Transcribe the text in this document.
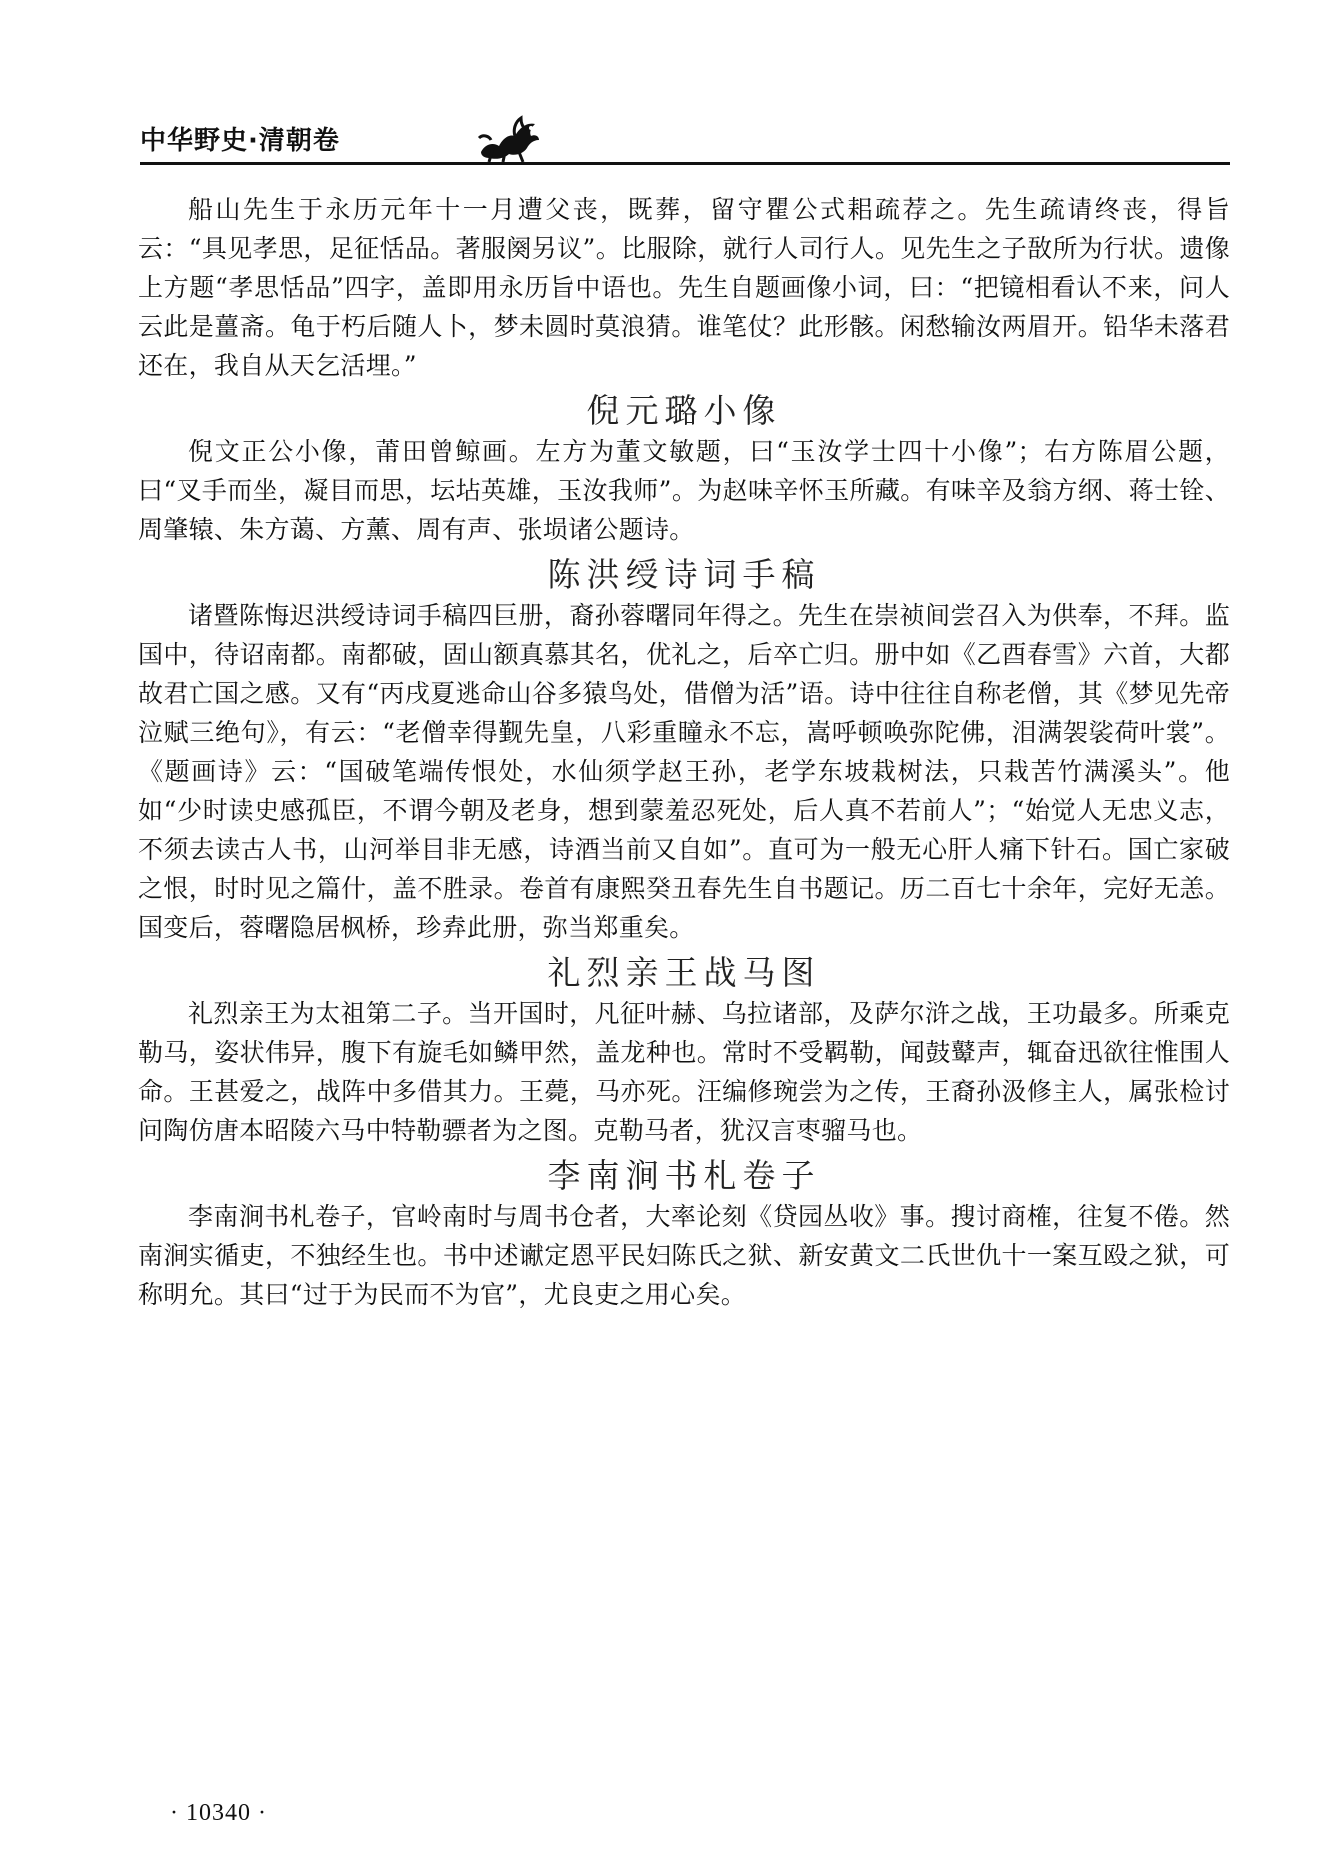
中华野史·清朝卷

船山先生于永历元年十一月遭父丧，既葬，留守瞿公式耜疏荐之。先生疏请终丧，得旨云：“具见孝思，足征恬品。著服阕另议”。比服除，就行人司行人。见先生之子敔所为行状。遗像上方题“孝思恬品”四字，盖即用永历旨中语也。先生自题画像小词，曰：“把镜相看认不来，问人云此是薑斋。龟于朽后随人卜，梦未圆时莫浪猜。谁笔仗？此形骸。闲愁输汝两眉开。铅华未落君还在，我自从天乞活埋。”

倪元璐小像

倪文正公小像，莆田曾鲸画。左方为董文敏题，曰“玉汝学士四十小像”；右方陈眉公题，曰“叉手而坐，凝目而思，坛坫英雄，玉汝我师”。为赵味辛怀玉所藏。有味辛及翁方纲、蒋士铨、周肇辕、朱方蔼、方薰、周有声、张埙诸公题诗。

陈洪绶诗词手稿

诸暨陈悔迟洪绶诗词手稿四巨册，裔孙蓉曙同年得之。先生在崇祯间尝召入为供奉，不拜。监国中，待诏南都。南都破，固山额真慕其名，优礼之，后卒亡归。册中如《乙酉春雪》六首，大都故君亡国之感。又有“丙戌夏逃命山谷多猿鸟处，借僧为活”语。诗中往往自称老僧，其《梦见先帝泣赋三绝句》，有云：“老僧幸得觐先皇，八彩重瞳永不忘，嵩呼顿唤弥陀佛，泪满袈裟荷叶裳”。《题画诗》云：“国破笔端传恨处，水仙须学赵王孙，老学东坡栽树法，只栽苦竹满溪头”。他如“少时读史感孤臣，不谓今朝及老身，想到蒙羞忍死处，后人真不若前人”；“始觉人无忠义志，不须去读古人书，山河举目非无感，诗酒当前又自如”。直可为一般无心肝人痛下针石。国亡家破之恨，时时见之篇什，盖不胜录。卷首有康熙癸丑春先生自书题记。历二百七十余年，完好无恙。国变后，蓉曙隐居枫桥，珍弆此册，弥当郑重矣。

礼烈亲王战马图

礼烈亲王为太祖第二子。当开国时，凡征叶赫、乌拉诸部，及萨尔浒之战，王功最多。所乘克勒马，姿状伟异，腹下有旋毛如鳞甲然，盖龙种也。常时不受羁勒，闻鼓鼙声，辄奋迅欲往惟围人命。王甚爱之，战阵中多借其力。王薨，马亦死。汪编修琬尝为之传，王裔孙汲修主人，属张检讨问陶仿唐本昭陵六马中特勒骠者为之图。克勒马者，犹汉言枣骝马也。

李南涧书札卷子

李南涧书札卷子，官岭南时与周书仓者，大率论刻《贷园丛收》事。搜讨商榷，往复不倦。然南涧实循吏，不独经生也。书中述谳定恩平民妇陈氏之狱、新安黄文二氏世仇十一案互殴之狱，可称明允。其曰“过于为民而不为官”，尤良吏之用心矣。

· 10340 ·
